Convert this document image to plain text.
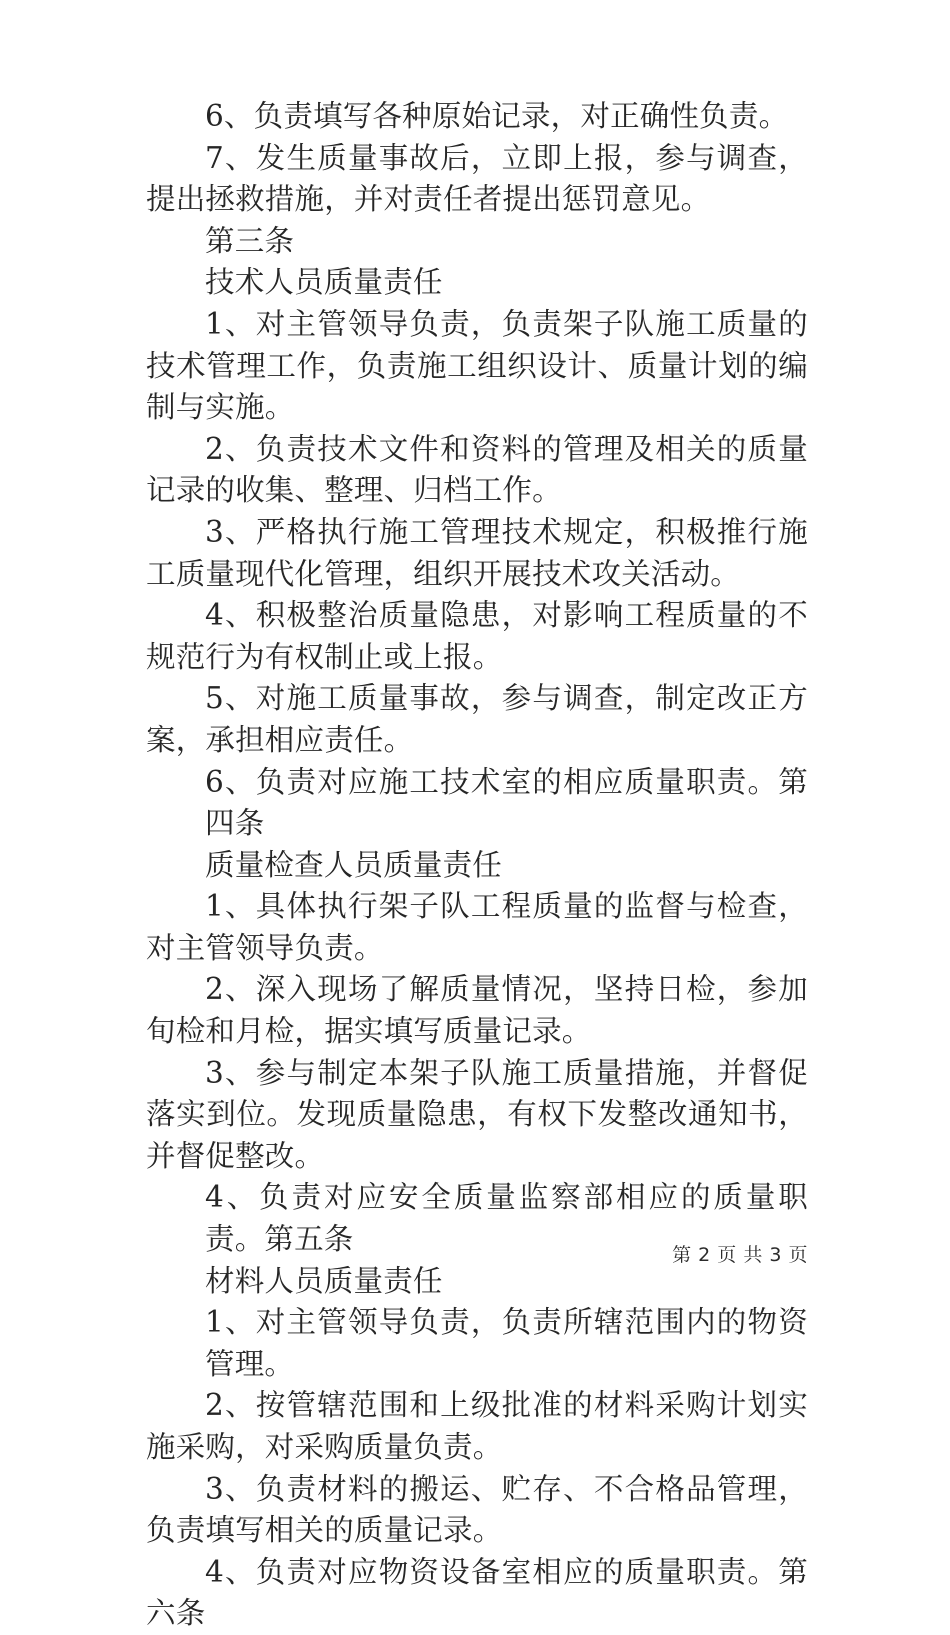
6、负责填写各种原始记录，对正确性负责。

7、发生质量事故后，立即上报，参与调查，提出拯救措施，并对责任者提出惩罚意见。

第三条

技术人员质量责任

1、对主管领导负责，负责架子队施工质量的技术管理工作，负责施工组织设计、质量计划的编制与实施。

2、负责技术文件和资料的管理及相关的质量记录的收集、整理、归档工作。

3、严格执行施工管理技术规定，积极推行施工质量现代化管理，组织开展技术攻关活动。

4、积极整治质量隐患，对影响工程质量的不规范行为有权制止或上报。

5、对施工质量事故，参与调查，制定改正方案，承担相应责任。

6、负责对应施工技术室的相应质量职责。第四条

质量检查人员质量责任

1、具体执行架子队工程质量的监督与检查，对主管领导负责。

2、深入现场了解质量情况，坚持日检，参加旬检和月检，据实填写质量记录。

3、参与制定本架子队施工质量措施，并督促落实到位。发现质量隐患，有权下发整改通知书，并督促整改。

4、负责对应安全质量监察部相应的质量职责。第五条

材料人员质量责任

1、对主管领导负责，负责所辖范围内的物资管理。

2、按管辖范围和上级批准的材料采购计划实施采购，对采购质量负责。

3、负责材料的搬运、贮存、不合格品管理，负责填写相关的质量记录。

4、负责对应物资设备室相应的质量职责。第六条

第 2 页 共 3 页
